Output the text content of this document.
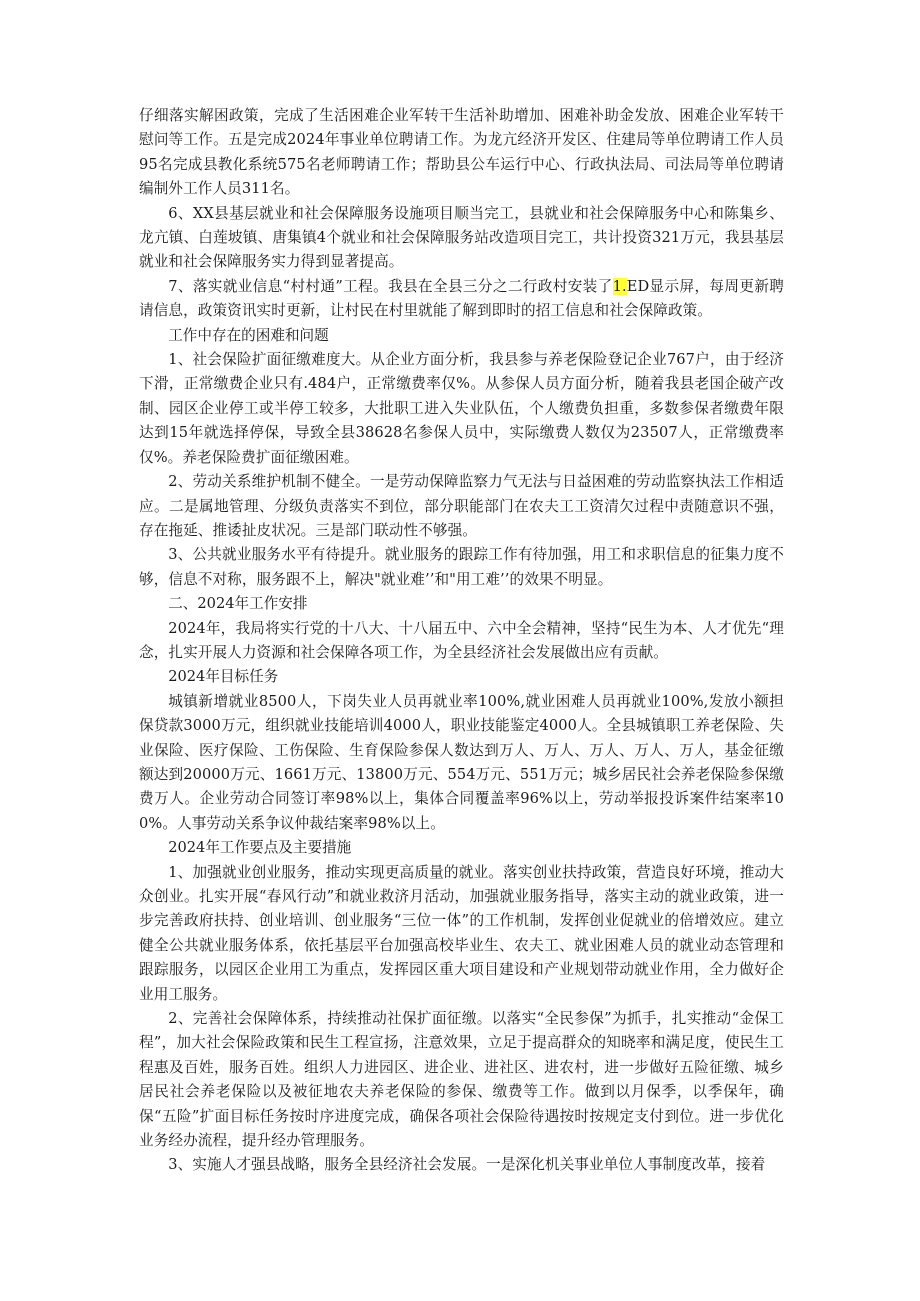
仔细落实解困政策，完成了生活困难企业军转干生活补助增加、困难补助金发放、困难企业军转干慰问等工作。五是完成2024年事业单位聘请工作。为龙亢经济开发区、住建局等单位聘请工作人员95名完成县教化系统575名老师聘请工作；帮助县公车运行中心、行政执法局、司法局等单位聘请编制外工作人员311名。

6、XX县基层就业和社会保障服务设施项目顺当完工，县就业和社会保障服务中心和陈集乡、龙亢镇、白莲坡镇、唐集镇4个就业和社会保障服务站改造项目完工，共计投资321万元，我县基层就业和社会保障服务实力得到显著提高。

7、落实就业信息“村村通”工程。我县在全县三分之二行政村安装了1.ED显示屏，每周更新聘请信息，政策资讯实时更新，让村民在村里就能了解到即时的招工信息和社会保障政策。

工作中存在的困难和问题

1、社会保险扩面征缴难度大。从企业方面分析，我县参与养老保险登记企业767户，由于经济下滑，正常缴费企业只有.484户，正常缴费率仅%。从参保人员方面分析，随着我县老国企破产改制、园区企业停工或半停工较多，大批职工进入失业队伍，个人缴费负担重，多数参保者缴费年限达到15年就选择停保，导致全县38628名参保人员中，实际缴费人数仅为23507人，正常缴费率仅%。养老保险费扩面征缴困难。

2、劳动关系维护机制不健全。一是劳动保障监察力气无法与日益困难的劳动监察执法工作相适应。二是属地管理、分级负责落实不到位，部分职能部门在农夫工工资清欠过程中责随意识不强，存在拖延、推诿扯皮状况。三是部门联动性不够强。

3、公共就业服务水平有待提升。就业服务的跟踪工作有待加强，用工和求职信息的征集力度不够，信息不对称，服务跟不上，解决"就业难’’和"用工难’’的效果不明显。

二、2024年工作安排

2024年，我局将实行党的十八大、十八届五中、六中全会精神，坚持“民生为本、人才优先“理念，扎实开展人力资源和社会保障各项工作，为全县经济社会发展做出应有贡献。

2024年目标任务

城镇新增就业8500人，下岗失业人员再就业率100%,就业困难人员再就业100%,发放小额担保贷款3000万元，组织就业技能培训4000人，职业技能鉴定4000人。全县城镇职工养老保险、失业保险、医疗保险、工伤保险、生育保险参保人数达到万人、万人、万人、万人、万人，基金征缴额达到20000万元、1661万元、13800万元、554万元、551万元；城乡居民社会养老保险参保缴费万人。企业劳动合同签订率98%以上，集体合同覆盖率96%以上，劳动举报投诉案件结案率100%。人事劳动关系争议仲裁结案率98%以上。

2024年工作要点及主要措施

1、加强就业创业服务，推动实现更高质量的就业。落实创业扶持政策，营造良好环境，推动大众创业。扎实开展“春风行动”和就业救济月活动，加强就业服务指导，落实主动的就业政策，进一步完善政府扶持、创业培训、创业服务“三位一体”的工作机制，发挥创业促就业的倍增效应。建立健全公共就业服务体系，依托基层平台加强高校毕业生、农夫工、就业困难人员的就业动态管理和跟踪服务，以园区企业用工为重点，发挥园区重大项目建设和产业规划带动就业作用，全力做好企业用工服务。

2、完善社会保障体系，持续推动社保扩面征缴。以落实“全民参保”为抓手，扎实推动“金保工程”，加大社会保险政策和民生工程宣扬，注意效果，立足于提高群众的知晓率和满足度，使民生工程惠及百姓，服务百姓。组织人力进园区、进企业、进社区、进农村，进一步做好五险征缴、城乡居民社会养老保险以及被征地农夫养老保险的参保、缴费等工作。做到以月保季，以季保年，确保“五险”扩面目标任务按时序进度完成，确保各项社会保险待遇按时按规定支付到位。进一步优化业务经办流程，提升经办管理服务。

3、实施人才强县战略，服务全县经济社会发展。一是深化机关事业单位人事制度改革，接着
